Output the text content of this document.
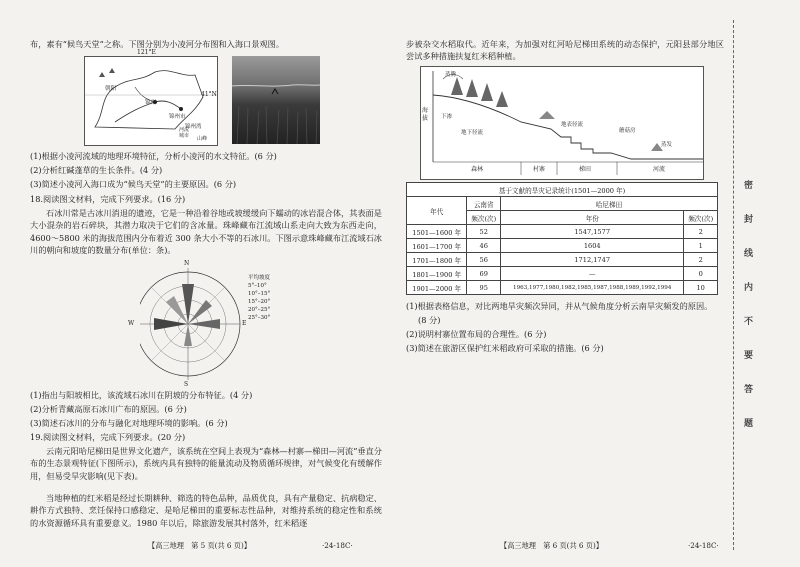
布，素有“候鸟天堂”之称。下图分别为小凌河分布图和入海口景观图。
121°E
41°N
朝阳
锦州
锦州市
锦州湾
河流
城市 山峰
(1)根据小凌河流域的地理环境特征，分析小凌河的水文特征。(6 分)
(2)分析红碱蓬草的生长条件。(4 分)
(3)简述小凌河入海口成为“候鸟天堂”的主要原因。(6 分)
18.阅读图文材料，完成下列要求。(16 分)
石冰川常是古冰川消退的遗迹，它是一种沿着谷地或坡缓缓向下蠕动的冰岩混合体，其表面是大小混杂的岩石碎块，其潜力取决于它们的含冰量。珠峰藏布江流域山系走向大致为东西走向，4600～5800 米的海拔范围内分布着近 300 条大小不等的石冰川。下图示意珠峰藏布江流域石冰川的朝向和坡度的数量分布(单位：条)。
N
S
W	E
平均坡度
5°–10°
10°–15°
15°–20°
20°–25°
25°–30°
(1)指出与阳坡相比，该流域石冰川在阴坡的分布特征。(4 分)
(2)分析青藏高原石冰川广布的原因。(6 分)
(3)简述石冰川的分布与融化对地理环境的影响。(6 分)
19.阅读图文材料，完成下列要求。(20 分)
云南元阳哈尼梯田是世界文化遗产，该系统在空间上表现为“森林—村寨—梯田—河流”垂直分布的生态景观特征(下图所示)，系统内具有独特的能量流动及物质循环规律，对气候变化有缓解作用，但易受旱灾影响(见下表)。
当地种植的红米稻是经过长期耕种、筛选的特色品种，品质优良，具有产量稳定、抗病稳定、耕作方式独特、烹饪保持口感稳定、是哈尼梯田的重要标志性品种，对维持系统的稳定性和系统的水资源循环具有重要意义。1980 年以后，除旅游发展其村落外，红米稻逐
【高三地理　第 5 页(共 6 页)】	·24-18C·
步被杂交水稻取代。近年来，为加强对红河哈尼梯田系统的动态保护，元阳县部分地区尝试多种措施扶复红米稻种植。
海拔
蒸腾
下渗
地下径流
地表径流
蘑菇房
蒸发
森林	村寨	梯田	河流
基于文献的旱灾记录统计(1501—2000 年)			
年代	云南省	哈尼梯田	
	频次(次)	年份	频次(次)
1501—1600 年	52	1547,1577	2
1601—1700 年	46	1604	1
1701—1800 年	56	1712,1747	2
1801—1900 年	69	—	0
1901—2000 年	95	1963,1977,1980,1982,1985,1987,1988,1989,1992,1994	10
(1)根据表格信息，对比两地旱灾频次异同，并从气候角度分析云南旱灾频发的原因。
(8 分)
(2)说明村寨位置布局的合理性。(6 分)
(3)简述在旅游区保护红米稻政府可采取的措施。(6 分)
【高三地理　第 6 页(共 6 页)】	·24-18C·
密
封
线
内
不
要
答
题
